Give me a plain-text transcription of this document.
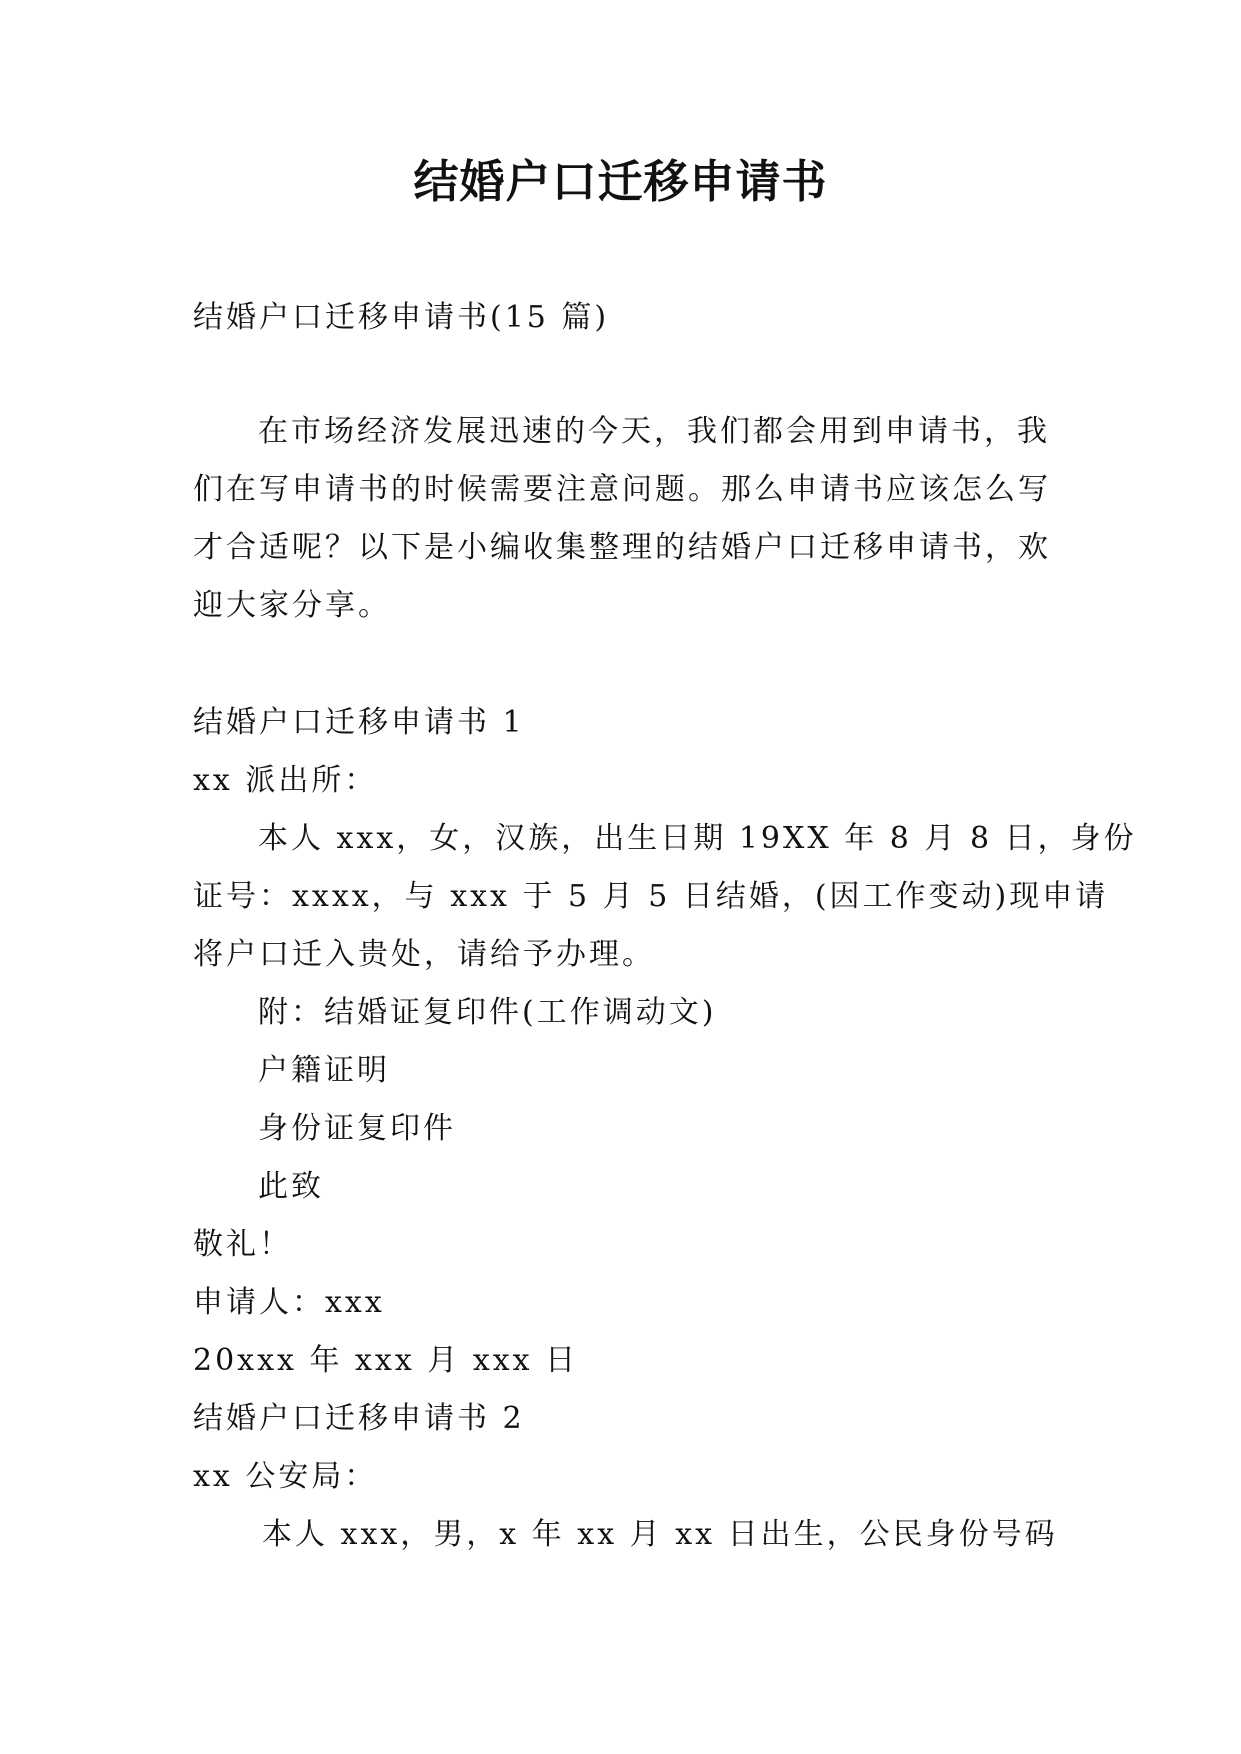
结婚户口迁移申请书
结婚户口迁移申请书(15 篇)
在市场经济发展迅速的今天，我们都会用到申请书，我
们在写申请书的时候需要注意问题。那么申请书应该怎么写
才合适呢？以下是小编收集整理的结婚户口迁移申请书，欢
迎大家分享。
结婚户口迁移申请书 1
xx 派出所：
本人 xxx，女，汉族，出生日期 19XX 年 8 月 8 日，身份
证号：xxxx，与 xxx 于 5 月 5 日结婚，(因工作变动)现申请
将户口迁入贵处，请给予办理。
附：结婚证复印件(工作调动文)
户籍证明
身份证复印件
此致
敬礼！
申请人：xxx
20xxx 年 xxx 月 xxx 日
结婚户口迁移申请书 2
xx 公安局：
本人 xxx，男，x 年 xx 月 xx 日出生，公民身份号码
